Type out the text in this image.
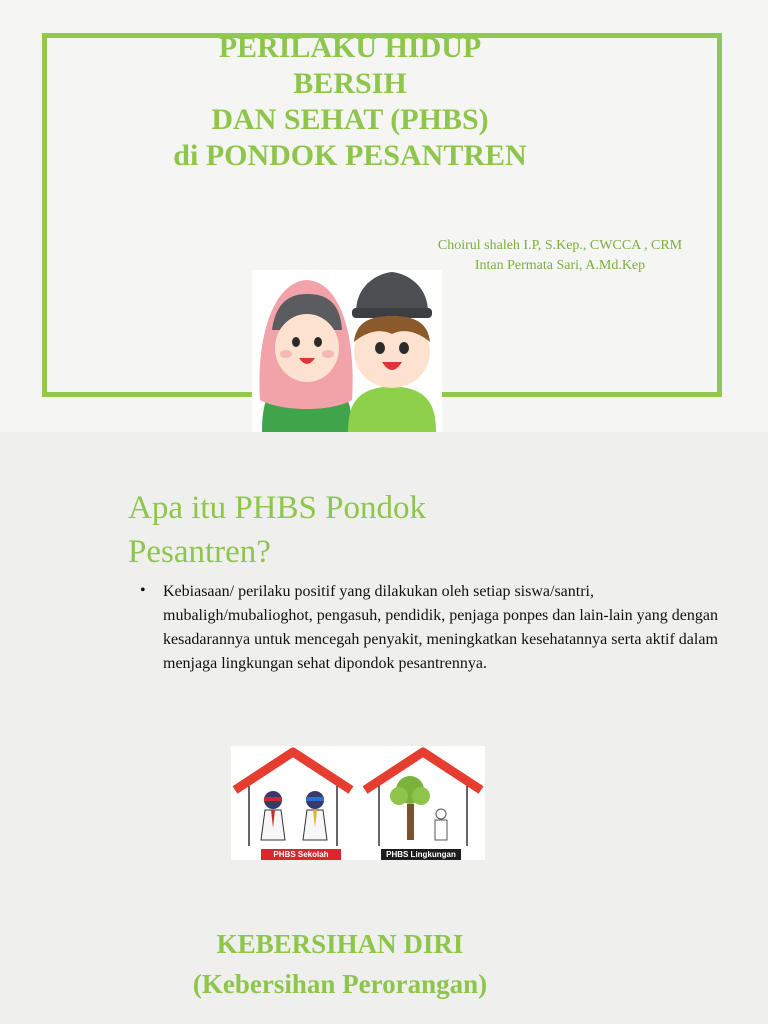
PERILAKU HIDUP
BERSIH
DAN SEHAT (PHBS)
di PONDOK PESANTREN
Choirul shaleh I.P, S.Kep., CWCCA , CRM
Intan Permata Sari, A.Md.Kep
Apa itu PHBS Pondok
Pesantren?
• Kebiasaan/ perilaku positif yang dilakukan oleh setiap siswa/santri, mubaligh/mubalioghot, pengasuh, pendidik, penjaga ponpes dan lain-lain yang dengan kesadarannya untuk mencegah penyakit, meningkatkan kesehatannya serta aktif dalam menjaga lingkungan sehat dipondok pesantrennya.
PHBS Sekolah	PHBS Lingkungan
KEBERSIHAN DIRI
(Kebersihan Perorangan)
